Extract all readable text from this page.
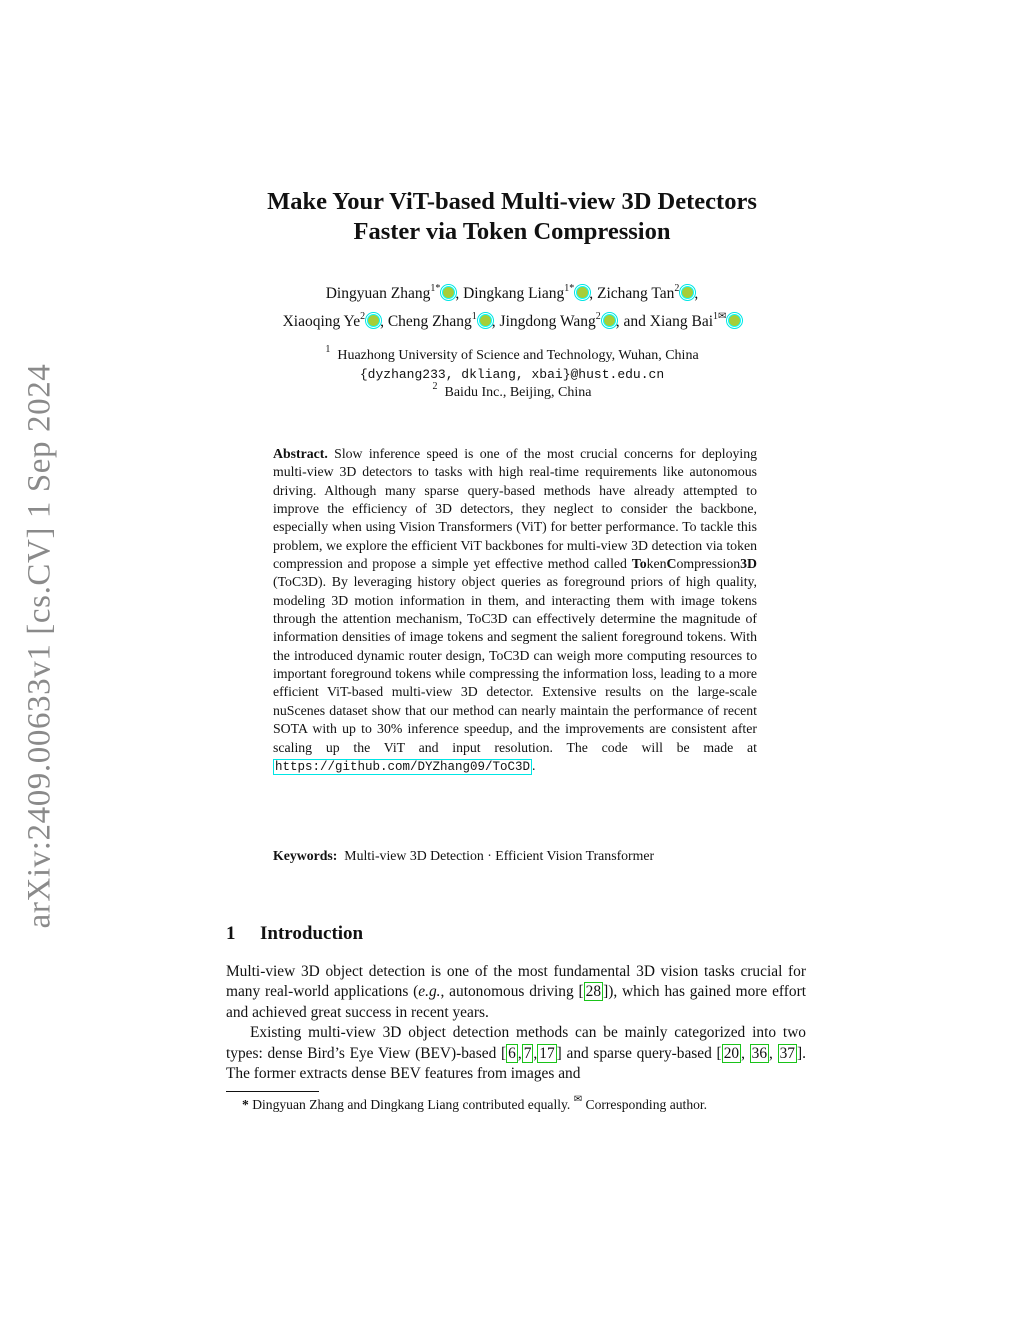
arXiv:2409.00633v1 [cs.CV] 1 Sep 2024
Make Your ViT-based Multi-view 3D Detectors
Faster via Token Compression
Dingyuan Zhang$^{1*}$ , Dingkang Liang$^{1*}$ , Zichang Tan$^2$ ,
Xiaoqing Ye$^2$ , Cheng Zhang$^1$ , Jingdong Wang$^2$ , and Xiang Bai$^{1✉}$
$^1$ Huazhong University of Science and Technology, Wuhan, China
{dyzhang233, dkliang, xbai}@hust.edu.cn
$^2$ Baidu Inc., Beijing, China

Abstract. Slow inference speed is one of the most crucial concerns for deploying multi-view 3D detectors to tasks with high real-time requirements like autonomous driving. Although many sparse query-based methods have already attempted to improve the efficiency of 3D detectors, they neglect to consider the backbone, especially when using Vision Transformers (ViT) for better performance. To tackle this problem, we explore the efficient ViT backbones for multi-view 3D detection via token compression and propose a simple yet effective method called TokenCompression3D (ToC3D). By leveraging history object queries as foreground priors of high quality, modeling 3D motion information in them, and interacting them with image tokens through the attention mechanism, ToC3D can effectively determine the magnitude of information densities of image tokens and segment the salient foreground tokens. With the introduced dynamic router design, ToC3D can weigh more computing resources to important foreground tokens while compressing the information loss, leading to a more efficient ViT-based multi-view 3D detector. Extensive results on the large-scale nuScenes dataset show that our method can nearly maintain the performance of recent SOTA with up to 30% inference speedup, and the improvements are consistent after scaling up the ViT and input resolution. The code will be made at https://github.com/DYZhang09/ToC3D .

Keywords: Multi-view 3D Detection · Efficient Vision Transformer
1 Introduction

Multi-view 3D object detection is one of the most fundamental 3D vision tasks crucial for many real-world applications (e.g., autonomous driving [ 28 ]), which has gained more effort and achieved great success in recent years.

Existing multi-view 3D object detection methods can be mainly categorized into two types: dense Bird’s Eye View (BEV)-based [ 6 , 7 , 17 ] and sparse query-based [ 20 , 36 , 37 ]. The former extracts dense BEV features from images and

* Dingyuan Zhang and Dingkang Liang contributed equally. ✉ Corresponding author.
